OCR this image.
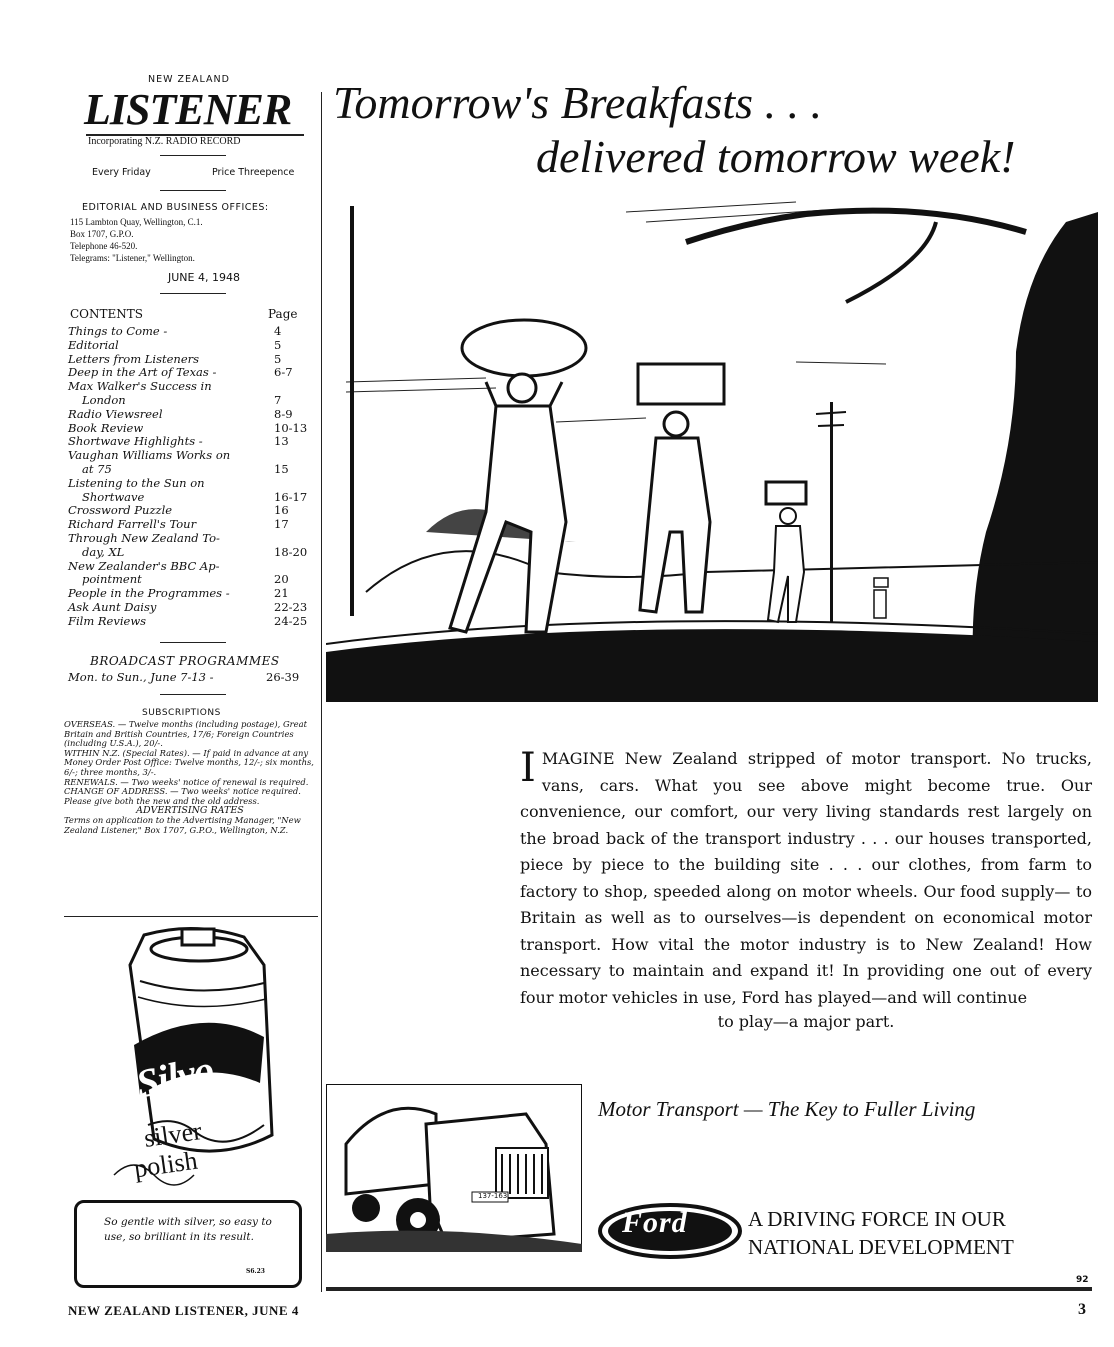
NEW ZEALAND
LISTENER
Incorporating N.Z. RADIO RECORD
Every Friday	Price Threepence
EDITORIAL AND BUSINESS OFFICES:
115 Lambton Quay, Wellington, C.1.
Box 1707, G.P.O.
Telephone 46-520.
Telegrams: "Listener," Wellington.
JUNE 4, 1948
CONTENTS	Page
Things to Come -	4
Editorial	5
Letters from Listeners	5
Deep in the Art of Texas -	6-7
Max Walker's Success in
London	7
Radio Viewsreel	8-9
Book Review	10-13
Shortwave Highlights -	13
Vaughan Williams Works on
at 75	15
Listening to the Sun on
Shortwave	16-17
Crossword Puzzle	16
Richard Farrell's Tour	17
Through New Zealand To-
day, XL	18-20
New Zealander's BBC Ap-
pointment	20
People in the Programmes -	21
Ask Aunt Daisy	22-23
Film Reviews	24-25
BROADCAST PROGRAMMES
Mon. to Sun., June 7-13 -	26-39
SUBSCRIPTIONS

OVERSEAS. — Twelve months (including postage), Great Britain and British Countries, 17/6; Foreign Countries (including U.S.A.), 20/-.

WITHIN N.Z. (Special Rates). — If paid in advance at any Money Order Post Office: Twelve months, 12/-; six months, 6/-; three months, 3/-.

RENEWALS. — Two weeks' notice of renewal is required.

CHANGE OF ADDRESS. — Two weeks' notice required. Please give both the new and the old address.

ADVERTISING RATES

Terms on application to the Advertising Manager, "New Zealand Listener," Box 1707, G.P.O., Wellington, N.Z.

Silvo
silver
polish
So gentle with silver, so easy to use, so brilliant in its result.
S6.23
Tomorrow's Breakfasts . . .
delivered tomorrow week!
IMAGINE New Zealand stripped of motor transport. No trucks, vans, cars. What you see above might become true. Our convenience, our comfort, our very living standards rest largely on the broad back of the transport industry . . . our houses transported, piece by piece to the building site . . . our clothes, from farm to factory to shop, speeded along on motor wheels. Our food supply— to Britain as well as to ourselves—is dependent on economical motor transport. How vital the motor industry is to New Zealand! How necessary to maintain and expand it! In providing one out of every four motor vehicles in use, Ford has played—and will continue
to play—a major part.
137-163
Motor Transport — The Key to Fuller Living
Ford	A DRIVING FORCE IN OUR
NATIONAL DEVELOPMENT
92
NEW ZEALAND LISTENER, JUNE 4	3
